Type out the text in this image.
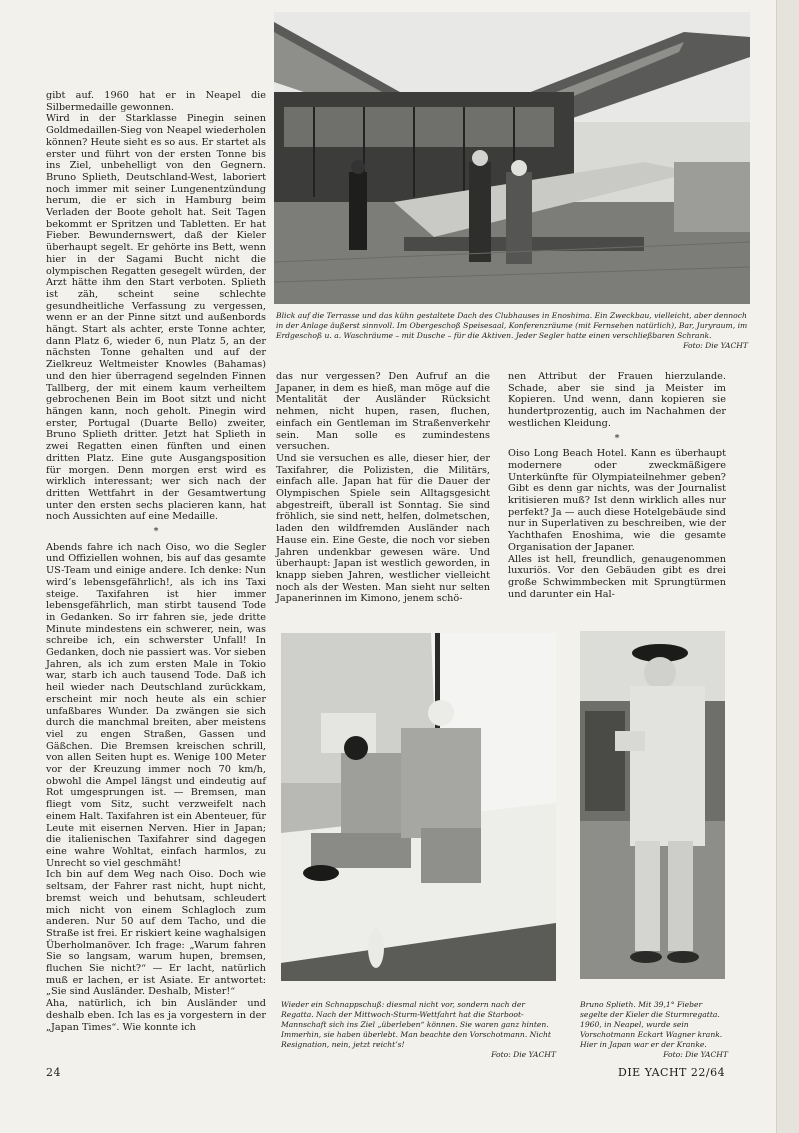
Blick auf die Terrasse und das kühn gestaltete Dach des Clubhauses in Enoshima. Ein Zweckbau, vielleicht, aber dennoch in der Anlage äußerst sinnvoll. Im Obergeschoß Speisesaal, Konferenzräume (mit Fernsehen natürlich), Bar, Juryraum, im Erdgeschoß u. a. Waschräume – mit Dusche – für die Aktiven. Jeder Segler hatte einen verschließbaren Schrank.
Foto: Die YACHT

gibt auf. 1960 hat er in Neapel die Silbermedaille gewonnen.

Wird in der Starklasse Pinegin seinen Goldmedaillen-Sieg von Neapel wiederholen können? Heute sieht es so aus. Er startet als erster und führt von der ersten Tonne bis ins Ziel, unbehelligt von den Gegnern. Bruno Splieth, Deutschland-West, laboriert noch immer mit seiner Lungenentzündung herum, die er sich in Hamburg beim Verladen der Boote geholt hat. Seit Tagen bekommt er Spritzen und Tabletten. Er hat Fieber. Bewundernswert, daß der Kieler überhaupt segelt. Er gehörte ins Bett, wenn hier in der Sagami Bucht nicht die olympischen Regatten gesegelt würden, der Arzt hätte ihm den Start verboten. Splieth ist zäh, scheint seine schlechte gesundheitliche Verfassung zu vergessen, wenn er an der Pinne sitzt und außenbords hängt. Start als achter, erste Tonne achter, dann Platz 6, wieder 6, nun Platz 5, an der nächsten Tonne gehalten und auf der Zielkreuz Weltmeister Knowles (Bahamas) und den hier überragend segelnden Finnen Tallberg, der mit einem kaum verheiltem gebrochenen Bein im Boot sitzt und nicht hängen kann, noch geholt. Pinegin wird erster, Portugal (Duarte Bello) zweiter, Bruno Splieth dritter. Jetzt hat Splieth in zwei Regatten einen fünften und einen dritten Platz. Eine gute Ausgangsposition für morgen. Denn morgen erst wird es wirklich interessant; wer sich nach der dritten Wettfahrt in der Gesamtwertung unter den ersten sechs placieren kann, hat noch Aussichten auf eine Medaille.

*

Abends fahre ich nach Oiso, wo die Segler und Offiziellen wohnen, bis auf das gesamte US-Team und einige andere. Ich denke: Nun wird’s lebensgefährlich!, als ich ins Taxi steige. Taxifahren ist hier immer lebensgefährlich, man stirbt tausend Tode in Gedanken. So irr fahren sie, jede dritte Minute mindestens ein schwerer, nein, was schreibe ich, ein schwerster Unfall! In Gedanken, doch nie passiert was. Vor sieben Jahren, als ich zum ersten Male in Tokio war, starb ich auch tausend Tode. Daß ich heil wieder nach Deutschland zurückkam, erscheint mir noch heute als ein schier unfaßbares Wunder. Da zwängen sie sich durch die manchmal breiten, aber meistens viel zu engen Straßen, Gassen und Gäßchen. Die Bremsen kreischen schrill, von allen Seiten hupt es. Wenige 100 Meter vor der Kreuzung immer noch 70 km/h, obwohl die Ampel längst und eindeutig auf Rot umgesprungen ist. — Bremsen, man fliegt vom Sitz, sucht verzweifelt nach einem Halt. Taxifahren ist ein Abenteuer, für Leute mit eisernen Nerven. Hier in Japan; die italienischen Taxifahrer sind dagegen eine wahre Wohltat, einfach harmlos, zu Unrecht so viel geschmäht!

Ich bin auf dem Weg nach Oiso. Doch wie seltsam, der Fahrer rast nicht, hupt nicht, bremst weich und behutsam, schleudert mich nicht von einem Schlagloch zum anderen. Nur 50 auf dem Tacho, und die Straße ist frei. Er riskiert keine waghalsigen Überholmanöver. Ich frage: „Warum fahren Sie so langsam, warum hupen, bremsen, fluchen Sie nicht?“ — Er lacht, natürlich muß er lachen, er ist Asiate. Er antwortet: „Sie sind Ausländer. Deshalb, Mister!“

Aha, natürlich, ich bin Ausländer und deshalb eben. Ich las es ja vorgestern in der „Japan Times“. Wie konnte ich

das nur vergessen? Den Aufruf an die Japaner, in dem es hieß, man möge auf die Mentalität der Ausländer Rücksicht nehmen, nicht hupen, rasen, fluchen, einfach ein Gentleman im Straßenverkehr sein. Man solle es zumindestens versuchen.

Und sie versuchen es alle, dieser hier, der Taxifahrer, die Polizisten, die Militärs, einfach alle. Japan hat für die Dauer der Olympischen Spiele sein Alltagsgesicht abgestreift, überall ist Sonntag. Sie sind fröhlich, sie sind nett, helfen, dolmetschen, laden den wildfremden Ausländer nach Hause ein. Eine Geste, die noch vor sieben Jahren undenkbar gewesen wäre. Und überhaupt: Japan ist westlich geworden, in knapp sieben Jahren, westlicher vielleicht noch als der Westen. Man sieht nur selten Japanerinnen im Kimono, jenem schö-

nen Attribut der Frauen hierzulande. Schade, aber sie sind ja Meister im Kopieren. Und wenn, dann kopieren sie hundertprozentig, auch im Nachahmen der westlichen Kleidung.

*

Oiso Long Beach Hotel. Kann es überhaupt modernere oder zweckmäßigere Unterkünfte für Olympiateilnehmer geben? Gibt es denn gar nichts, was der Journalist kritisieren muß? Ist denn wirklich alles nur perfekt? Ja — auch diese Hotelgebäude sind nur in Superlativen zu beschreiben, wie der Yachthafen Enoshima, wie die gesamte Organisation der Japaner.

Alles ist hell, freundlich, genaugenommen luxuriös. Vor den Gebäuden gibt es drei große Schwimmbecken mit Sprungtürmen und darunter ein Hal-

Wieder ein Schnappschuß: diesmal nicht vor, sondern nach der Regatta. Nach der Mittwoch-Sturm-Wettfahrt hat die Starboot-Mannschaft sich ins Ziel „überleben“ können. Sie waren ganz hinten. Immerhin, sie haben überlebt. Man beachte den Vorschotmann. Nicht Resignation, nein, jetzt reicht’s!
Foto: Die YACHT
Bruno Splieth. Mit 39,1° Fieber segelte der Kieler die Sturmregatta. 1960, in Neapel, wurde sein Vorschotmann Eckart Wagner krank. Hier in Japan war er der Kranke.
Foto: Die YACHT
24	DIE YACHT 22/64
